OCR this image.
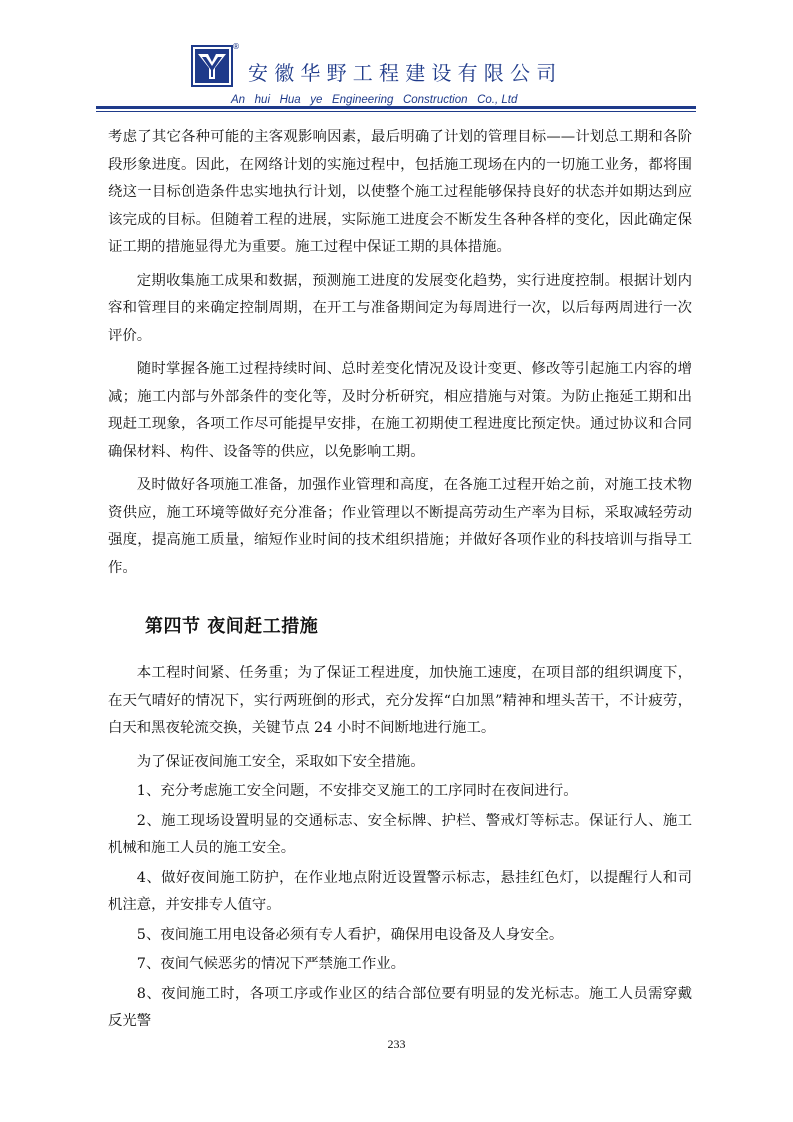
®
安徽华野工程建设有限公司
An   hui   Hua   ye   Engineering   Construction   Co., Ltd

考虑了其它各种可能的主客观影响因素，最后明确了计划的管理目标——计划总工期和各阶段形象进度。因此，在网络计划的实施过程中，包括施工现场在内的一切施工业务，都将围绕这一目标创造条件忠实地执行计划，以使整个施工过程能够保持良好的状态并如期达到应该完成的目标。但随着工程的进展，实际施工进度会不断发生各种各样的变化，因此确定保证工期的措施显得尤为重要。施工过程中保证工期的具体措施。

定期收集施工成果和数据，预测施工进度的发展变化趋势，实行进度控制。根据计划内容和管理目的来确定控制周期，在开工与准备期间定为每周进行一次，以后每两周进行一次评价。

随时掌握各施工过程持续时间、总时差变化情况及设计变更、修改等引起施工内容的增减；施工内部与外部条件的变化等，及时分析研究，相应措施与对策。为防止拖延工期和出现赶工现象，各项工作尽可能提早安排，在施工初期使工程进度比预定快。通过协议和合同确保材料、构件、设备等的供应，以免影响工期。

及时做好各项施工准备，加强作业管理和高度，在各施工过程开始之前，对施工技术物资供应，施工环境等做好充分准备；作业管理以不断提高劳动生产率为目标，采取减轻劳动强度，提高施工质量，缩短作业时间的技术组织措施；并做好各项作业的科技培训与指导工作。

第四节 夜间赶工措施

本工程时间紧、任务重；为了保证工程进度，加快施工速度，在项目部的组织调度下，在天气晴好的情况下，实行两班倒的形式，充分发挥“白加黑”精神和埋头苦干，不计疲劳，白天和黑夜轮流交换，关键节点 24 小时不间断地进行施工。

为了保证夜间施工安全，采取如下安全措施。

1、充分考虑施工安全问题，不安排交叉施工的工序同时在夜间进行。

2、施工现场设置明显的交通标志、安全标牌、护栏、警戒灯等标志。保证行人、施工机械和施工人员的施工安全。

4、做好夜间施工防护，在作业地点附近设置警示标志，悬挂红色灯，以提醒行人和司机注意，并安排专人值守。

5、夜间施工用电设备必须有专人看护，确保用电设备及人身安全。

7、夜间气候恶劣的情况下严禁施工作业。

8、夜间施工时，各项工序或作业区的结合部位要有明显的发光标志。施工人员需穿戴反光警

233
